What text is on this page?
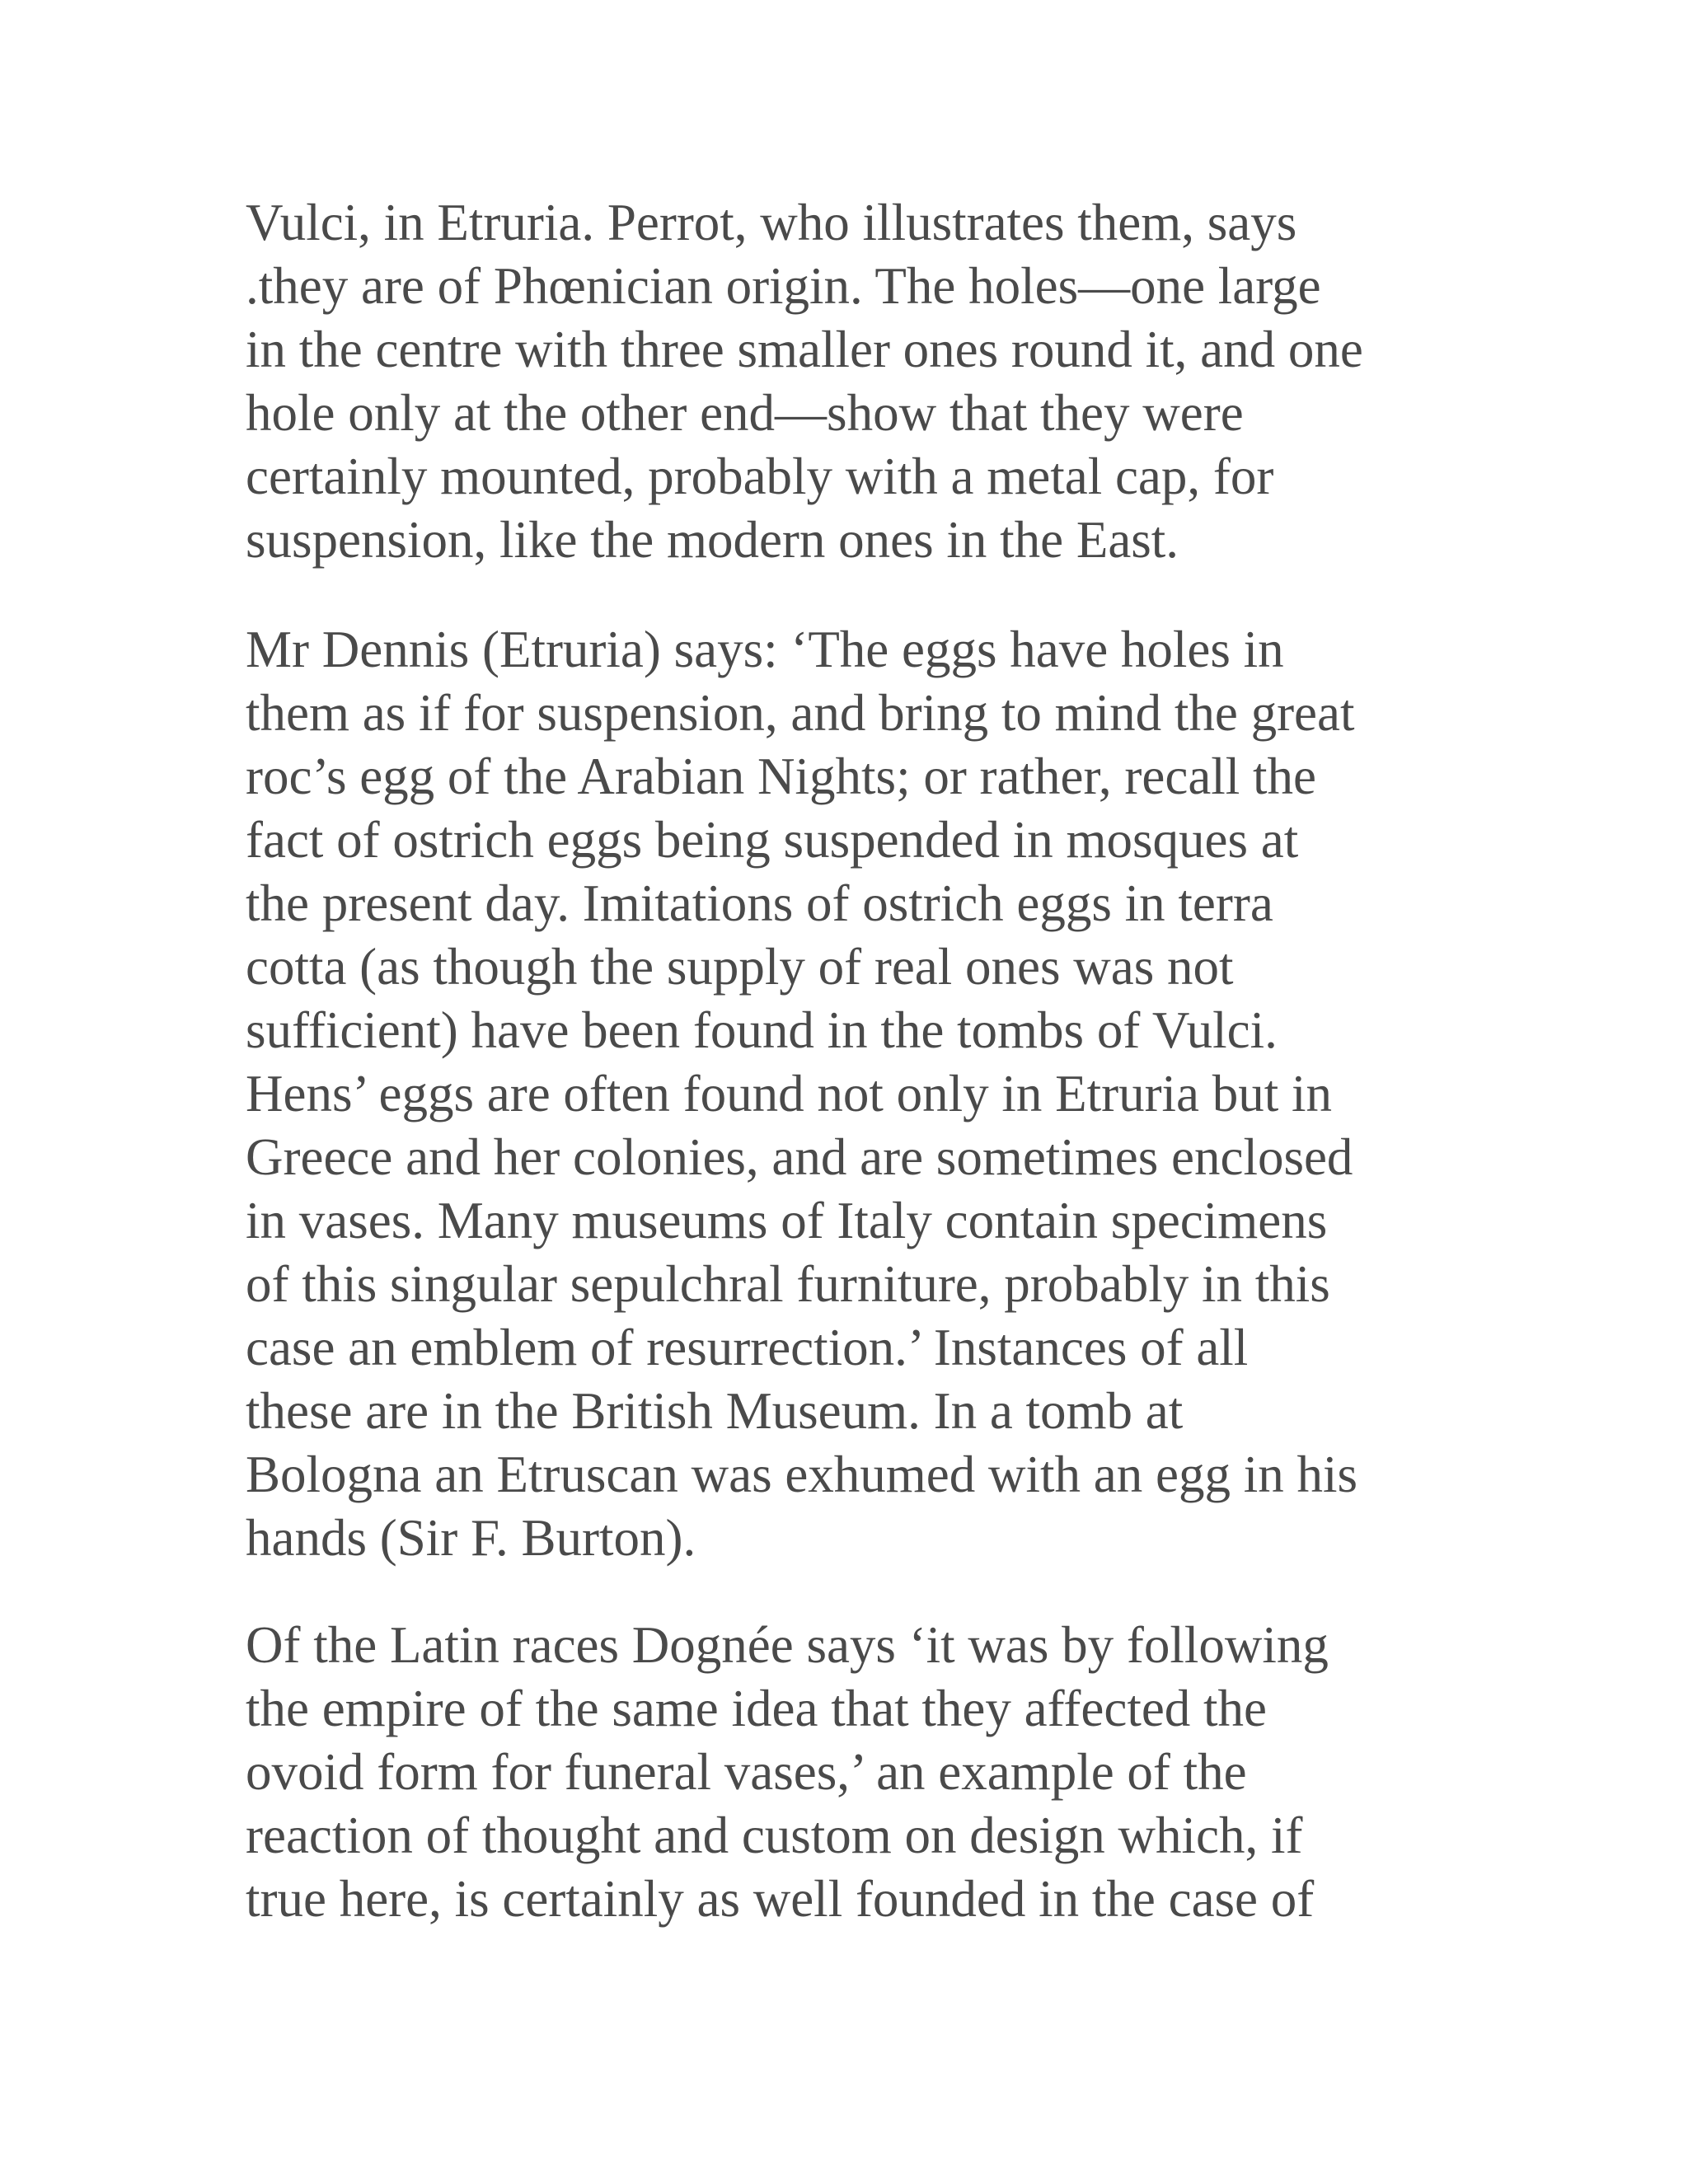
Vulci, in Etruria. Perrot, who illustrates them, says
.they are of Phœnician origin. The holes—one large
in the centre with three smaller ones round it, and one
hole only at the other end—show that they were
certainly mounted, probably with a metal cap, for
suspension, like the modern ones in the East.
Mr Dennis (Etruria) says: ‘The eggs have holes in
them as if for suspension, and bring to mind the great
roc’s egg of the Arabian Nights; or rather, recall the
fact of ostrich eggs being suspended in mosques at
the present day. Imitations of ostrich eggs in terra
cotta (as though the supply of real ones was not
sufficient) have been found in the tombs of Vulci.
Hens’ eggs are often found not only in Etruria but in
Greece and her colonies, and are sometimes enclosed
in vases. Many museums of Italy contain specimens
of this singular sepulchral furniture, probably in this
case an emblem of resurrection.’ Instances of all
these are in the British Museum. In a tomb at
Bologna an Etruscan was exhumed with an egg in his
hands (Sir F. Burton).
Of the Latin races Dognée says ‘it was by following
the empire of the same idea that they affected the
ovoid form for funeral vases,’ an example of the
reaction of thought and custom on design which, if
true here, is certainly as well founded in the case of
